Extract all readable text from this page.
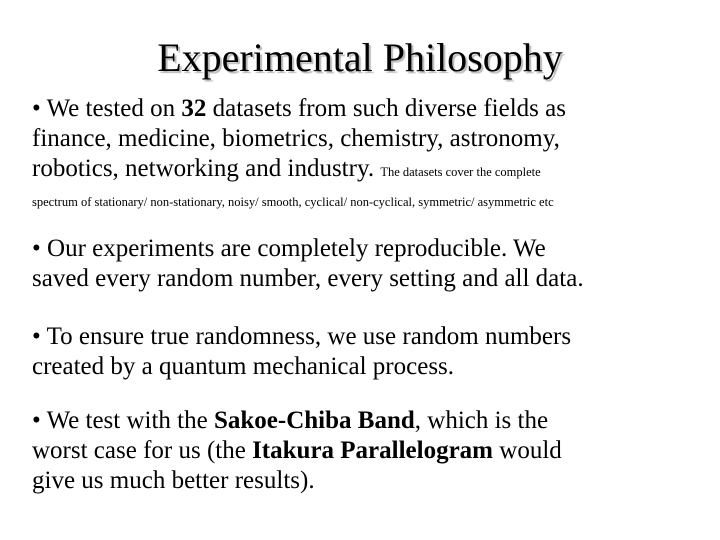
Experimental Philosophy

• We tested on 32 datasets from such diverse fields as
finance, medicine, biometrics, chemistry, astronomy,
robotics, networking and industry. The datasets cover the complete
spectrum of stationary/ non-stationary, noisy/ smooth, cyclical/ non-cyclical, symmetric/ asymmetric etc

• Our experiments are completely reproducible. We
saved every random number, every setting and all data.

• To ensure true randomness, we use random numbers
created by a quantum mechanical process.

• We test with the Sakoe-Chiba Band, which is the
worst case for us (the Itakura Parallelogram would
give us much better results).
